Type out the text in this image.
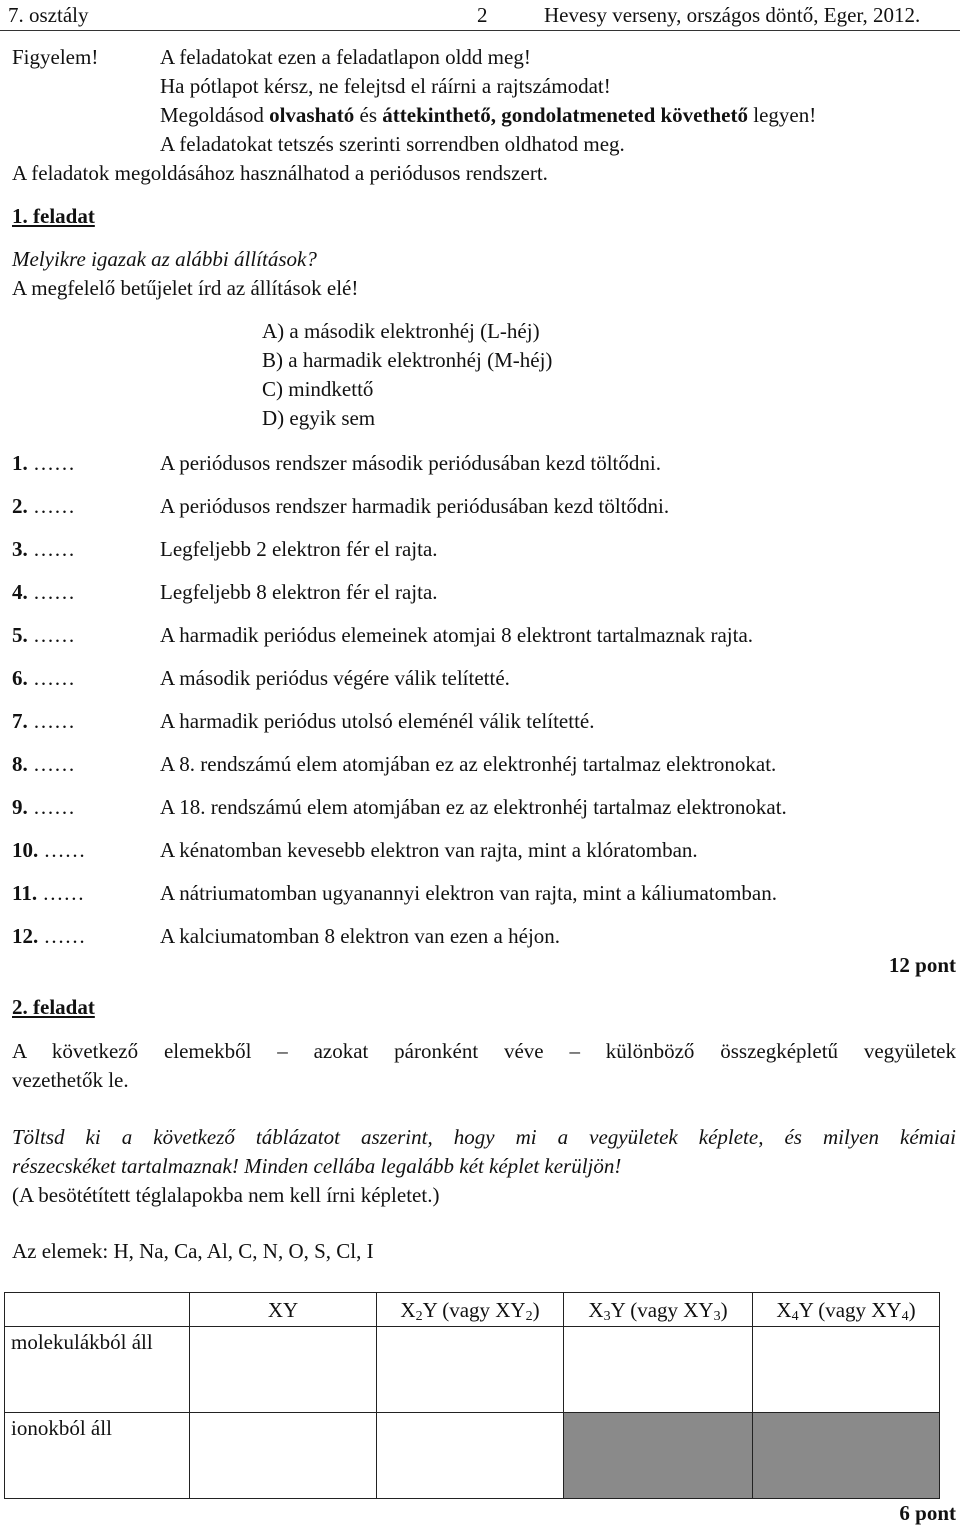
7. osztály	2	Hevesy verseny, országos döntő, Eger, 2012.
Figyelem!	A feladatokat ezen a feladatlapon oldd meg!
Ha pótlapot kérsz, ne felejtsd el ráírni a rajtszámodat!
Megoldásod olvasható és áttekinthető, gondolatmeneted követhető legyen!
A feladatokat tetszés szerinti sorrendben oldhatod meg.
A feladatok megoldásához használhatod a periódusos rendszert.
1. feladat
Melyikre igazak az alábbi állítások?
A megfelelő betűjelet írd az állítások elé!
A) a második elektronhéj (L-héj)
B) a harmadik elektronhéj (M-héj)
C) mindkettő
D) egyik sem
1. ……	A periódusos rendszer második periódusában kezd töltődni.
2. ……	A periódusos rendszer harmadik periódusában kezd töltődni.
3. ……	Legfeljebb 2 elektron fér el rajta.
4. ……	Legfeljebb 8 elektron fér el rajta.
5. ……	A harmadik periódus elemeinek atomjai 8 elektront tartalmaznak rajta.
6. ……	A második periódus végére válik telítetté.
7. ……	A harmadik periódus utolsó eleménél válik telítetté.
8. ……	A 8. rendszámú elem atomjában ez az elektronhéj tartalmaz elektronokat.
9. ……	A 18. rendszámú elem atomjában ez az elektronhéj tartalmaz elektronokat.
10. ……	A kénatomban kevesebb elektron van rajta, mint a klóratomban.
11. ……	A nátriumatomban ugyanannyi elektron van rajta, mint a káliumatomban.
12. ……	A kalciumatomban 8 elektron van ezen a héjon.
12 pont
2. feladat
A következő elemekből – azokat páronként véve – különböző összegképletű vegyületek
vezethetők le.
Töltsd ki a következő táblázatot aszerint, hogy mi a vegyületek képlete, és milyen kémiai
részecskéket tartalmaznak! Minden cellába legalább két képlet kerüljön!
(A besötétített téglalapokba nem kell írni képletet.)
Az elemek: H, Na, Ca, Al, C, N, O, S, Cl, I
	XY	$X_2Y$ (vagy $XY_2$)	$X_3Y$ (vagy $XY_3$)	$X_4Y$ (vagy $XY_4$)
molekulákból áll				
ionokból áll				
6 pont
